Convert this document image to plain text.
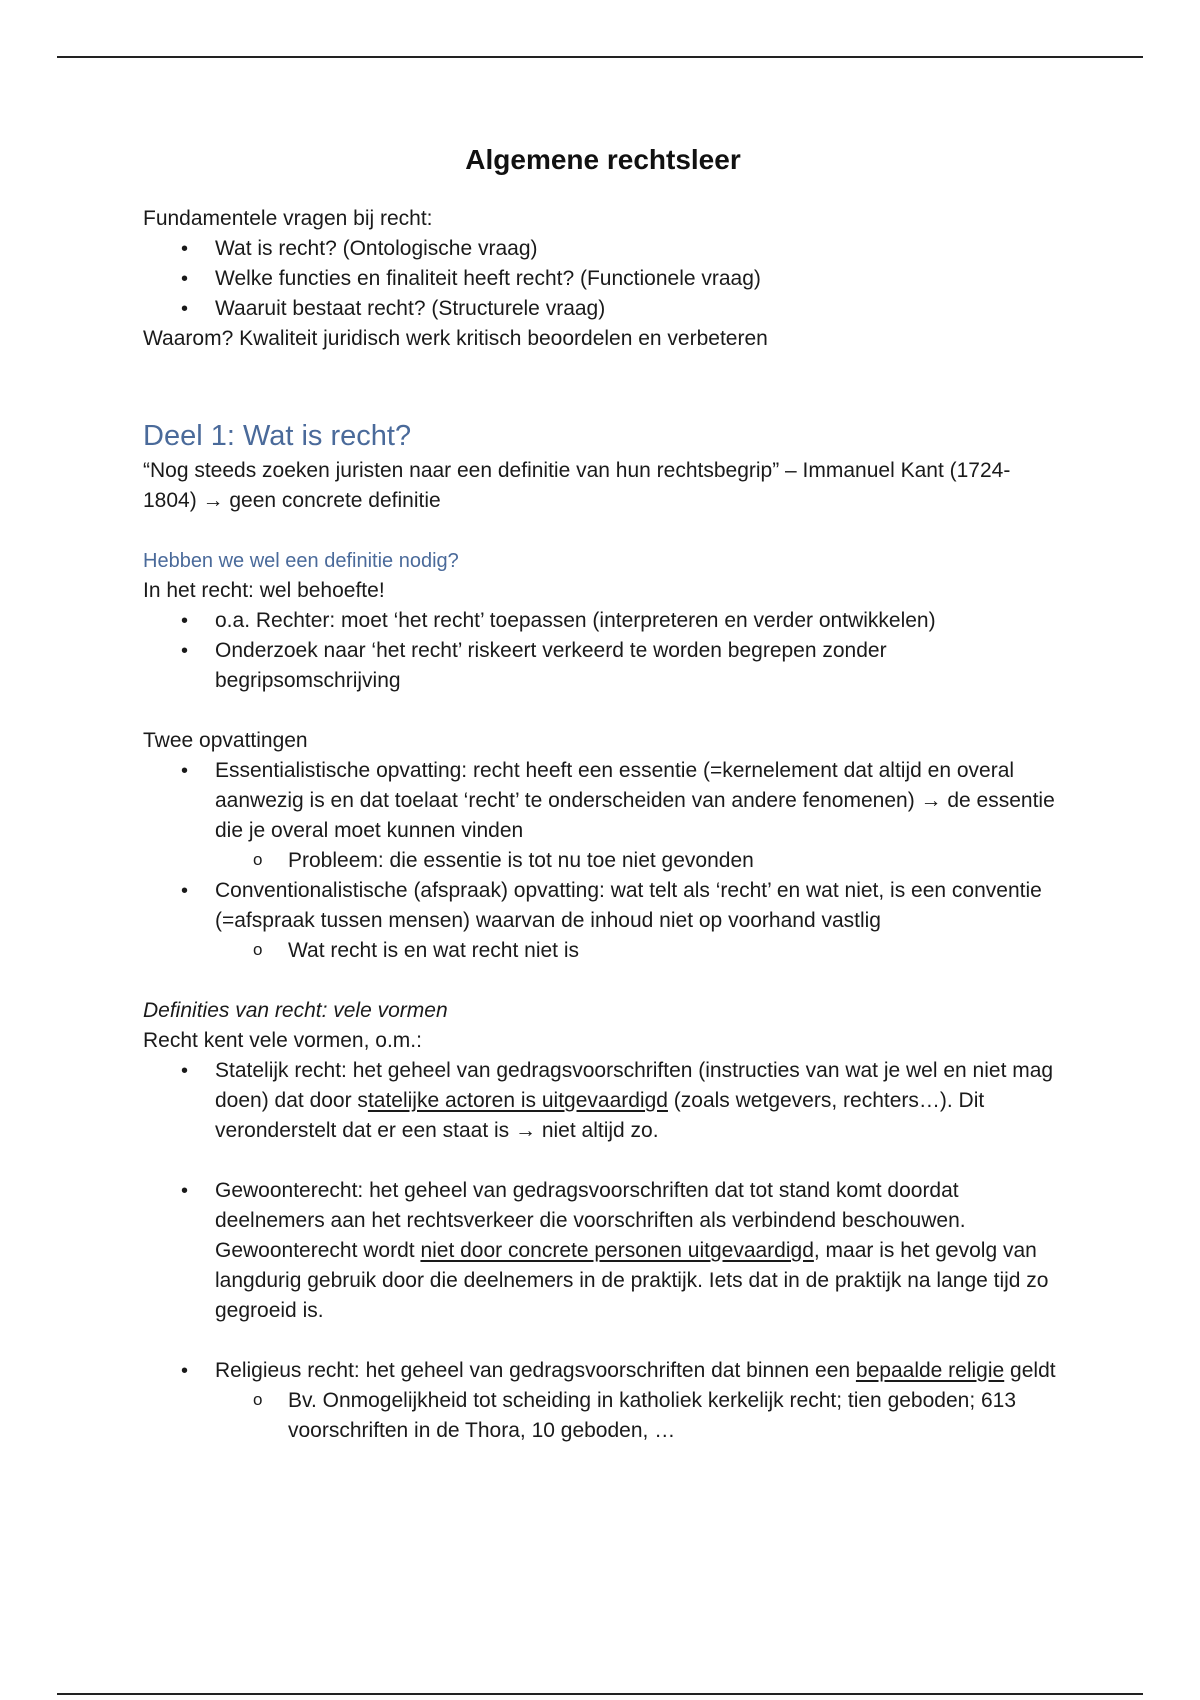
Algemene rechtsleer

Fundamentele vragen bij recht:

• Wat is recht? (Ontologische vraag)
• Welke functies en finaliteit heeft recht? (Functionele vraag)
• Waaruit bestaat recht? (Structurele vraag)

Waarom? Kwaliteit juridisch werk kritisch beoordelen en verbeteren

Deel 1: Wat is recht?

“Nog steeds zoeken juristen naar een definitie van hun rechtsbegrip” – Immanuel Kant (1724-1804) → geen concrete definitie

Hebben we wel een definitie nodig?

In het recht: wel behoefte!

• o.a. Rechter: moet ‘het recht’ toepassen (interpreteren en verder ontwikkelen)
• Onderzoek naar ‘het recht’ riskeert verkeerd te worden begrepen zonder begripsomschrijving

Twee opvattingen

• Essentialistische opvatting: recht heeft een essentie (=kernelement dat altijd en overal aanwezig is en dat toelaat ‘recht’ te onderscheiden van andere fenomenen) → de essentie die je overal moet kunnen vinden
o Probleem: die essentie is tot nu toe niet gevonden
• Conventionalistische (afspraak) opvatting: wat telt als ‘recht’ en wat niet, is een conventie (=afspraak tussen mensen) waarvan de inhoud niet op voorhand vastlig
o Wat recht is en wat recht niet is

Definities van recht: vele vormen

Recht kent vele vormen, o.m.:

• Statelijk recht: het geheel van gedragsvoorschriften (instructies van wat je wel en niet mag doen) dat door statelijke actoren is uitgevaardigd (zoals wetgevers, rechters…). Dit veronderstelt dat er een staat is → niet altijd zo.
• Gewoonterecht: het geheel van gedragsvoorschriften dat tot stand komt doordat deelnemers aan het rechtsverkeer die voorschriften als verbindend beschouwen. Gewoonterecht wordt niet door concrete personen uitgevaardigd, maar is het gevolg van langdurig gebruik door die deelnemers in de praktijk. Iets dat in de praktijk na lange tijd zo gegroeid is.
• Religieus recht: het geheel van gedragsvoorschriften dat binnen een bepaalde religie geldt
o Bv. Onmogelijkheid tot scheiding in katholiek kerkelijk recht; tien geboden; 613 voorschriften in de Thora, 10 geboden, …
